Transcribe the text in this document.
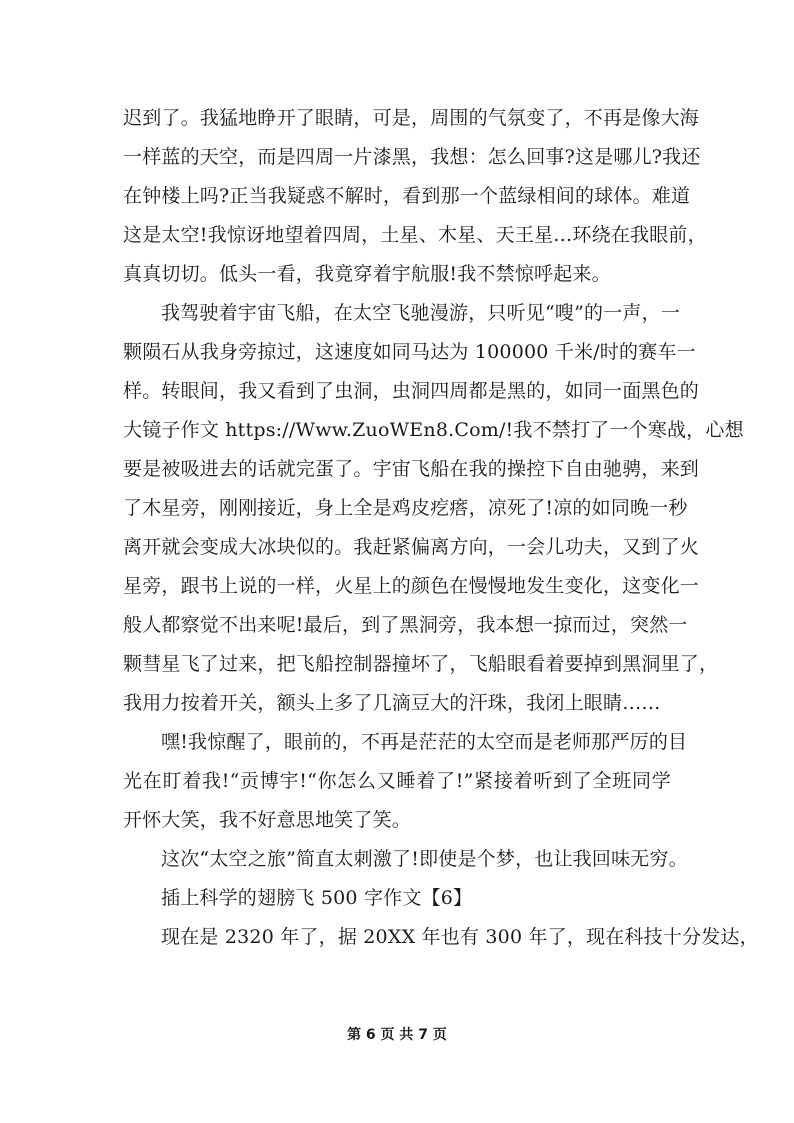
迟到了。我猛地睁开了眼睛，可是，周围的气氛变了，不再是像大海
一样蓝的天空，而是四周一片漆黑，我想：怎么回事?这是哪儿?我还
在钟楼上吗?正当我疑惑不解时，看到那一个蓝绿相间的球体。难道
这是太空!我惊讶地望着四周，土星、木星、天王星…环绕在我眼前，
真真切切。低头一看，我竟穿着宇航服!我不禁惊呼起来。
我驾驶着宇宙飞船，在太空飞驰漫游，只听见“嗖”的一声，一
颗陨石从我身旁掠过，这速度如同马达为 100000 千米/时的赛车一
样。转眼间，我又看到了虫洞，虫洞四周都是黑的，如同一面黑色的
大镜子作文 https://Www.ZuoWEn8.Com/!我不禁打了一个寒战，心想
要是被吸进去的话就完蛋了。宇宙飞船在我的操控下自由驰骋，来到
了木星旁，刚刚接近，身上全是鸡皮疙瘩，凉死了!凉的如同晚一秒
离开就会变成大冰块似的。我赶紧偏离方向，一会儿功夫，又到了火
星旁，跟书上说的一样，火星上的颜色在慢慢地发生变化，这变化一
般人都察觉不出来呢!最后，到了黑洞旁，我本想一掠而过，突然一
颗彗星飞了过来，把飞船控制器撞坏了，飞船眼看着要掉到黑洞里了，
我用力按着开关，额头上多了几滴豆大的汗珠，我闭上眼睛……
嘿!我惊醒了，眼前的，不再是茫茫的太空而是老师那严厉的目
光在盯着我!“贡博宇!“你怎么又睡着了!”紧接着听到了全班同学
开怀大笑，我不好意思地笑了笑。
这次“太空之旅”简直太刺激了!即使是个梦，也让我回味无穷。
插上科学的翅膀飞 500 字作文【6】
现在是 2320 年了，据 20XX 年也有 300 年了，现在科技十分发达，
第 6 页 共 7 页
